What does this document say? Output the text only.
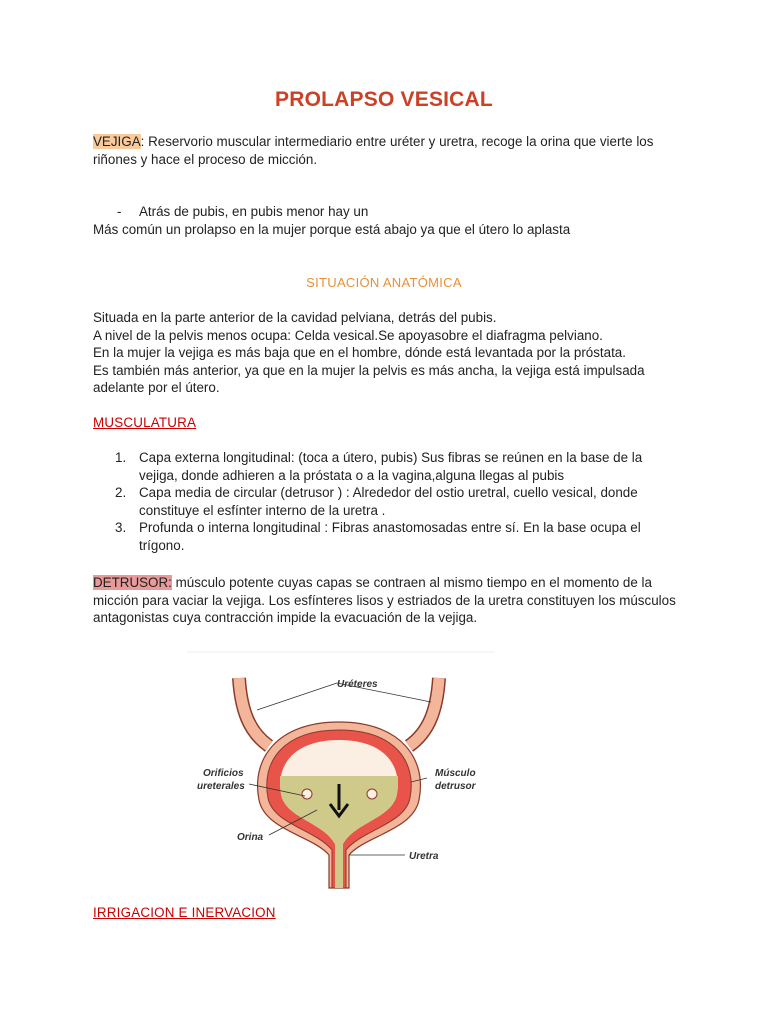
PROLAPSO VESICAL
VEJIGA: Reservorio muscular intermediario entre uréter y uretra, recoge la orina que vierte los riñones y hace el proceso de micción.
- Atrás de pubis, en pubis menor hay un
Más común un prolapso en la mujer porque está abajo ya que el útero lo aplasta
SITUACIÓN ANATÓMICA
Situada en la parte anterior de la cavidad pelviana, detrás del pubis.
A nivel de la pelvis menos ocupa: Celda vesical.Se apoyasobre el diafragma pelviano.
En la mujer la vejiga es más baja que en el hombre, dónde está levantada por la próstata.
Es también más anterior, ya que en la mujer la pelvis es más ancha, la vejiga está impulsada adelante por el útero.
MUSCULATURA
1. Capa externa longitudinal: (toca a útero, pubis) Sus fibras se reúnen en la base de la vejiga, donde adhieren a la próstata o a la vagina,alguna llegas al pubis
2. Capa media de circular (detrusor ) : Alrededor del ostio uretral, cuello vesical, donde constituye el esfínter interno de la uretra .
3. Profunda o interna longitudinal : Fibras anastomosadas entre sí. En la base ocupa el trígono.
DETRUSOR: músculo potente cuyas capas se contraen al mismo tiempo en el momento de la micción para vaciar la vejiga. Los esfínteres lisos y estriados de la uretra constituyen los músculos antagonistas cuya contracción impide la evacuación de la vejiga.
Uréteres
Orificios
ureterales
Músculo
detrusor
Orina
Uretra
IRRIGACION E INERVACION
